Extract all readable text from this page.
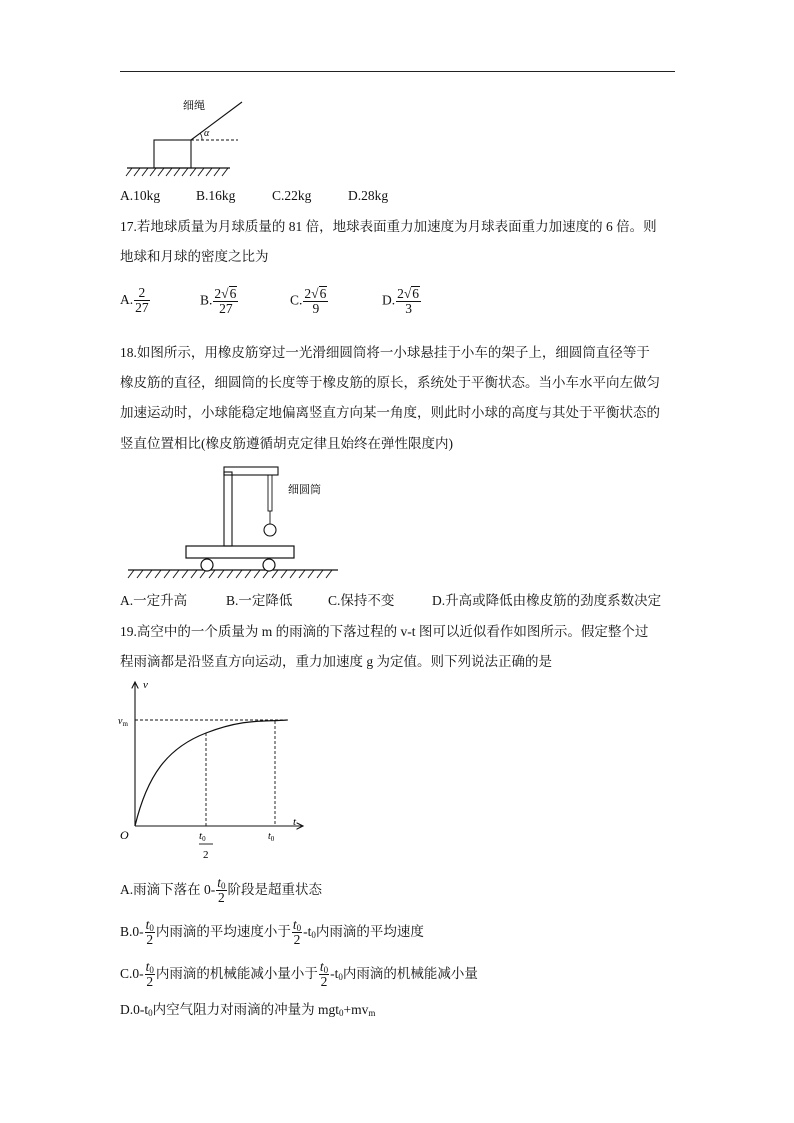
α
细绳
A.10kg	B.16kg	C.22kg	D.28kg
17.若地球质量为月球质量的 81 倍，地球表面重力加速度为月球表面重力加速度的 6 倍。则
地球和月球的密度之比为
A. $\frac{2}{27}$	B. $\frac{2√6}{27}$	C. $\frac{2√6}{9}$	D. $\frac{2√6}{3}$
18.如图所示，用橡皮筋穿过一光滑细圆筒将一小球悬挂于小车的架子上，细圆筒直径等于
橡皮筋的直径，细圆筒的长度等于橡皮筋的原长，系统处于平衡状态。当小车水平向左做匀
加速运动时，小球能稳定地偏离竖直方向某一角度，则此时小球的高度与其处于平衡状态的
竖直位置相比(橡皮筋遵循胡克定律且始终在弹性限度内)
细圆筒
A.一定升高	B.一定降低	C.保持不变	D.升高或降低由橡皮筋的劲度系数决定
19.高空中的一个质量为 m 的雨滴的下落过程的 v-t 图可以近似看作如图所示。假定整个过
程雨滴都是沿竖直方向运动，重力加速度 g 为定值。则下列说法正确的是
v
t
O
$v_m$
t0
2
$t_0$
A.雨滴下落在 $0- \frac{t_0}{2}$ 阶段是超重状态
$B.0- \frac{t_0}{2}$ 内雨滴的平均速度小于 $\frac{t_0}{2} -t_0$内雨滴的平均速度
$C.0- \frac{t_0}{2}$ 内雨滴的机械能减小量小于 $\frac{t_0}{2} -t_0$内雨滴的机械能减小量
$D.0-t_0$内空气阻力对雨滴的冲量为 $mgt_0+mv_m$
